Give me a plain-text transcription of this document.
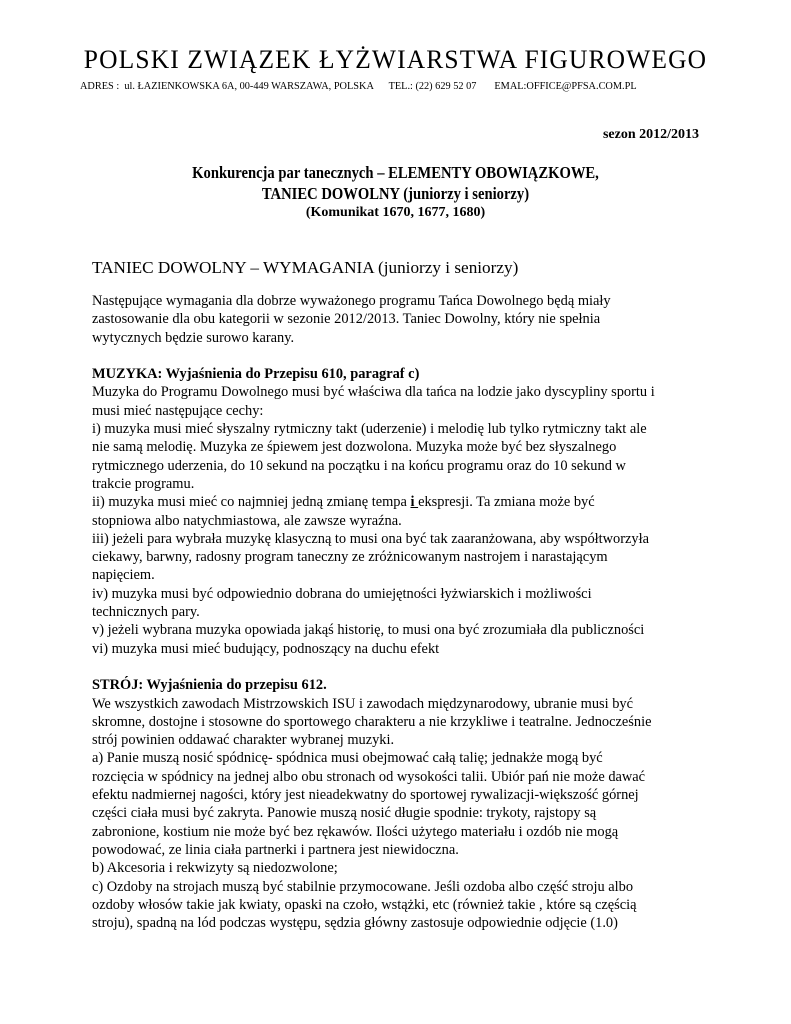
POLSKI ZWIĄZEK ŁYŻWIARSTWA FIGUROWEGO
ADRES :  ul. ŁAZIENKOWSKA 6A, 00-449 WARSZAWA, POLSKA      TEL.: (22) 629 52 07       EMAL:OFFICE@PFSA.COM.PL
sezon 2012/2013
Konkurencja par tanecznych – ELEMENTY OBOWIĄZKOWE,
TANIEC DOWOLNY (juniorzy i seniorzy)
(Komunikat 1670, 1677, 1680)
TANIEC DOWOLNY – WYMAGANIA (juniorzy i seniorzy)

Następujące wymagania dla dobrze wyważonego programu Tańca Dowolnego będą miały
zastosowanie dla obu kategorii w sezonie 2012/2013. Taniec Dowolny, który nie spełnia
wytycznych będzie surowo karany.

MUZYKA: Wyjaśnienia do Przepisu 610, paragraf c)
Muzyka do Programu Dowolnego musi być właściwa dla tańca na lodzie jako dyscypliny sportu i
musi mieć następujące cechy:
i) muzyka musi mieć słyszalny rytmiczny takt (uderzenie) i melodię lub tylko rytmiczny takt ale
nie samą melodię. Muzyka ze śpiewem jest dozwolona. Muzyka może być bez słyszalnego
rytmicznego uderzenia, do 10 sekund na początku i na końcu programu oraz do 10 sekund w
trakcie programu.
ii) muzyka musi mieć co najmniej jedną zmianę tempa i ekspresji. Ta zmiana może być
stopniowa albo natychmiastowa, ale zawsze wyraźna.
iii) jeżeli para wybrała muzykę klasyczną to musi ona być tak zaaranżowana, aby współtworzyła
ciekawy, barwny, radosny program taneczny ze zróżnicowanym nastrojem i narastającym
napięciem.
iv) muzyka musi być odpowiednio dobrana do umiejętności łyżwiarskich i możliwości
technicznych pary.
v) jeżeli wybrana muzyka opowiada jakąś historię, to musi ona być zrozumiała dla publiczności
vi) muzyka musi mieć budujący, podnoszący na duchu efekt

STRÓJ: Wyjaśnienia do przepisu 612.
We wszystkich zawodach Mistrzowskich ISU i zawodach międzynarodowy, ubranie musi być
skromne, dostojne i stosowne do sportowego charakteru a nie krzykliwe i teatralne. Jednocześnie
strój powinien oddawać charakter wybranej muzyki.
a) Panie muszą nosić spódnicę- spódnica musi obejmować całą talię; jednakże mogą być
rozcięcia w spódnicy na jednej albo obu stronach od wysokości talii. Ubiór pań nie może dawać
efektu nadmiernej nagości, który jest nieadekwatny do sportowej rywalizacji-większość górnej
części ciała musi być zakryta. Panowie muszą nosić długie spodnie: trykoty, rajstopy są
zabronione, kostium nie może być bez rękawów. Ilości użytego materiału i ozdób nie mogą
powodować, ze linia ciała partnerki i partnera jest niewidoczna.
b) Akcesoria i rekwizyty są niedozwolone;
c) Ozdoby na strojach muszą być stabilnie przymocowane. Jeśli ozdoba albo część stroju albo
ozdoby włosów takie jak kwiaty, opaski na czoło, wstążki, etc (również takie , które są częścią
stroju), spadną na lód podczas występu, sędzia główny zastosuje odpowiednie odjęcie (1.0)
